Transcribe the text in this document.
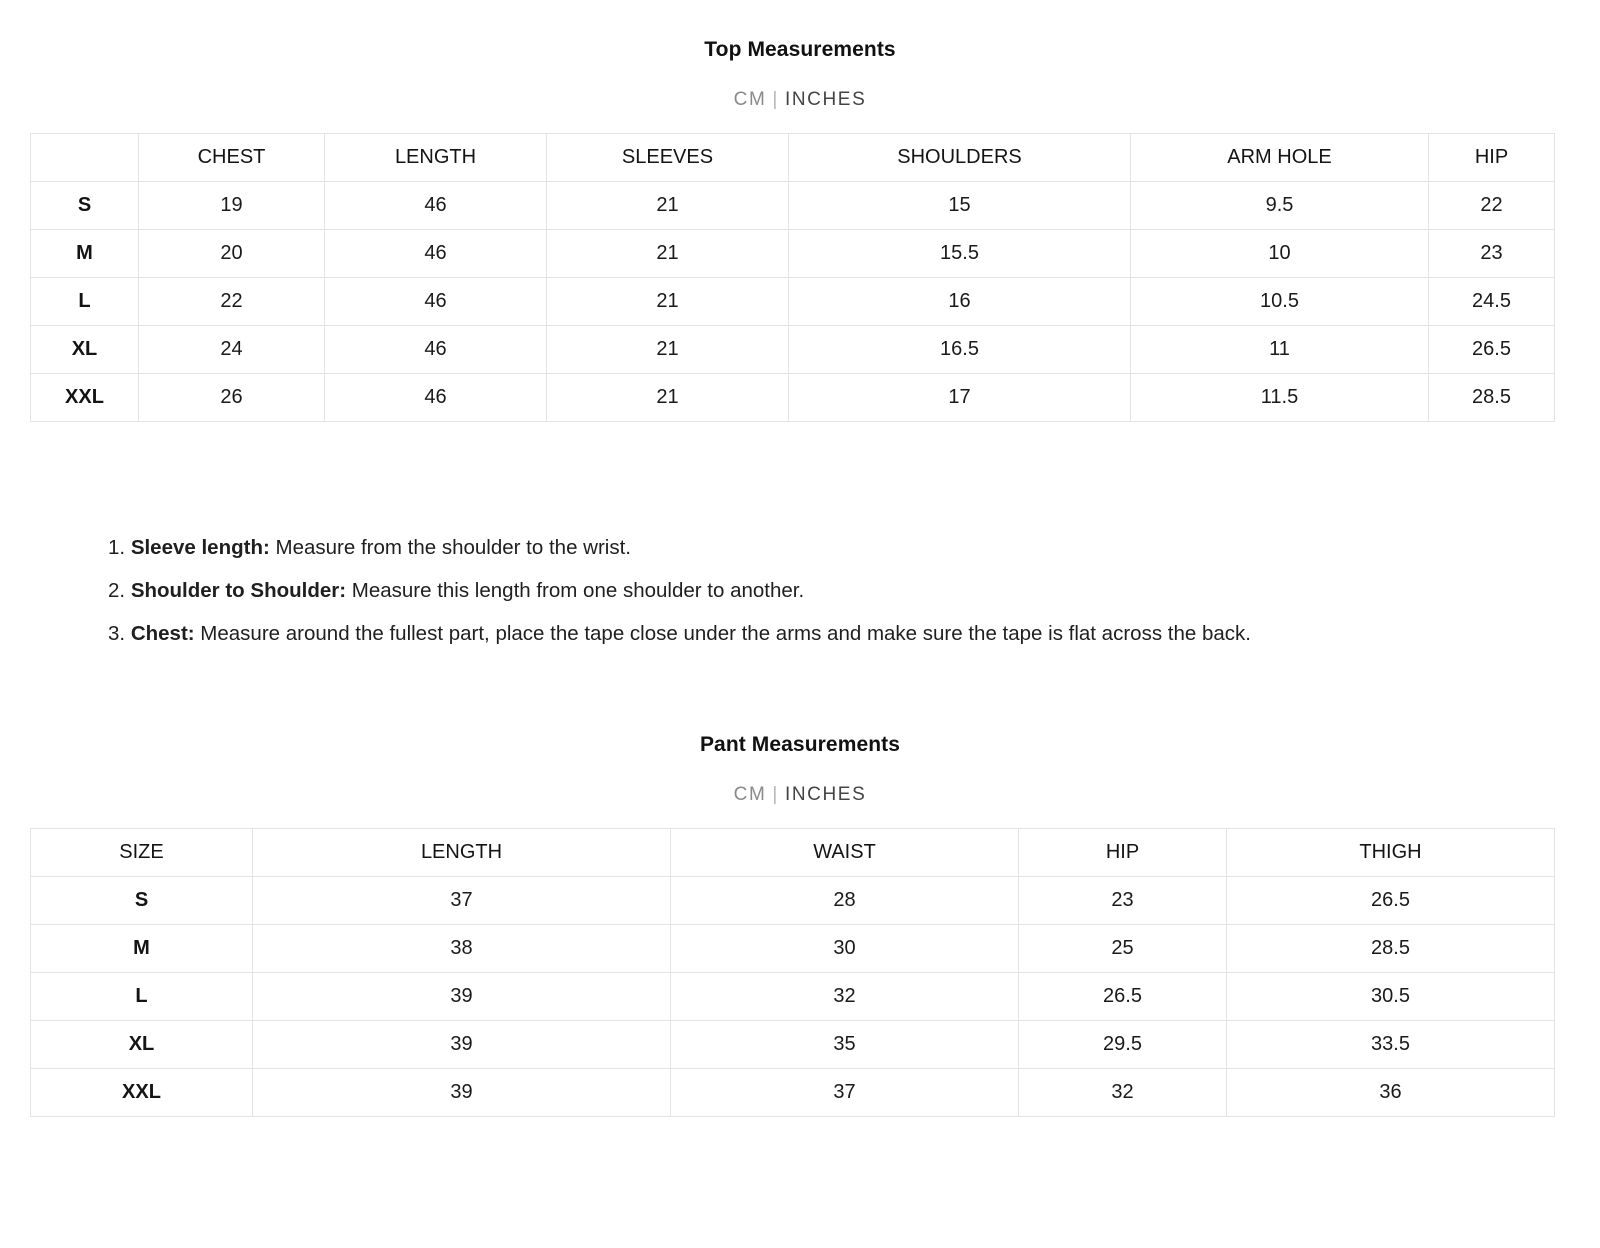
Top Measurements
CM | INCHES
	CHEST	LENGTH	SLEEVES	SHOULDERS	ARM HOLE	HIP
S	19	46	21	15	9.5	22
M	20	46	21	15.5	10	23
L	22	46	21	16	10.5	24.5
XL	24	46	21	16.5	11	26.5
XXL	26	46	21	17	11.5	28.5
1. Sleeve length: Measure from the shoulder to the wrist.
2. Shoulder to Shoulder: Measure this length from one shoulder to another.
3. Chest: Measure around the fullest part, place the tape close under the arms and make sure the tape is flat across the back.
Pant Measurements
CM | INCHES
SIZE	LENGTH	WAIST	HIP	THIGH
S	37	28	23	26.5
M	38	30	25	28.5
L	39	32	26.5	30.5
XL	39	35	29.5	33.5
XXL	39	37	32	36
